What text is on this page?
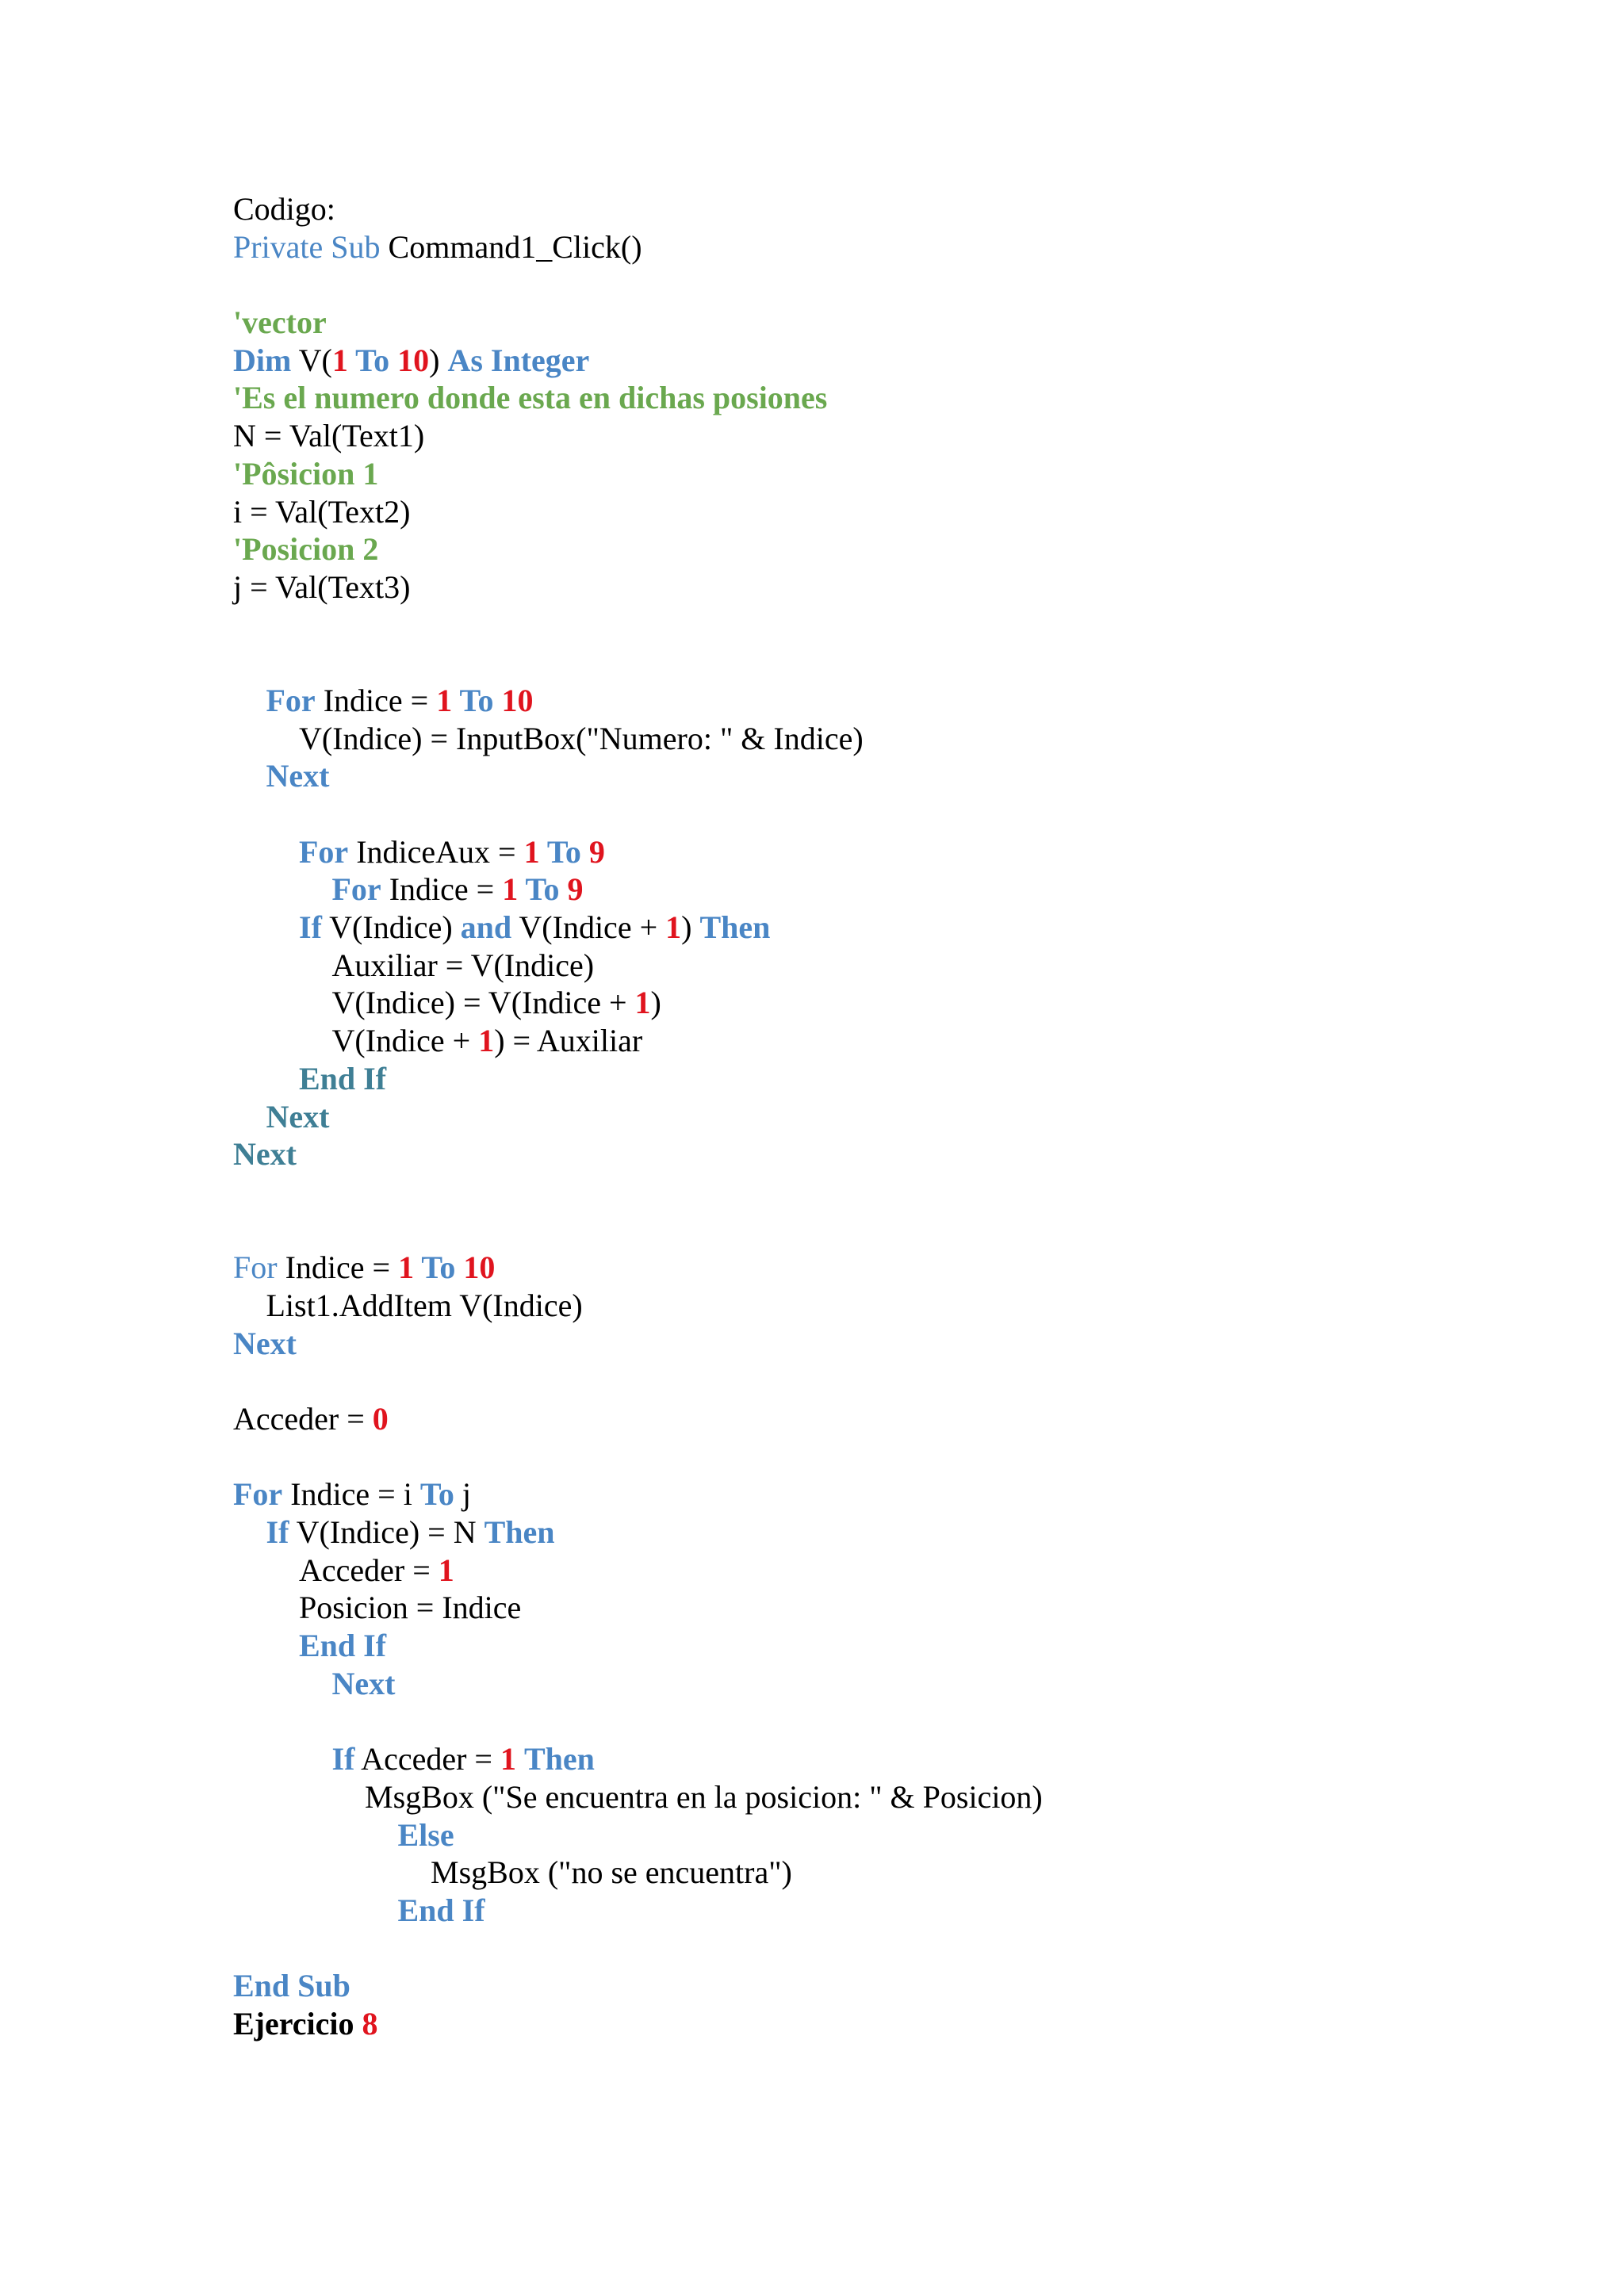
Codigo:
Private Sub Command1_Click()
'vector
Dim V(1 To 10) As Integer
'Es el numero donde esta en dichas posiones
N = Val(Text1)
'Pôsicion 1
i = Val(Text2)
'Posicion 2
j = Val(Text3)
For Indice = 1 To 10
V(Indice) = InputBox("Numero: " & Indice)
Next
For IndiceAux = 1 To 9
For Indice = 1 To 9
If V(Indice) and V(Indice + 1) Then
Auxiliar = V(Indice)
V(Indice) = V(Indice + 1)
V(Indice + 1) = Auxiliar
End If
Next
Next
For Indice = 1 To 10
List1.AddItem V(Indice)
Next
Acceder = 0
For Indice = i To j
If V(Indice) = N Then
Acceder = 1
Posicion = Indice
End If
Next
If Acceder = 1 Then
MsgBox ("Se encuentra en la posicion: " & Posicion)
Else
MsgBox ("no se encuentra")
End If
End Sub
Ejercicio 8
